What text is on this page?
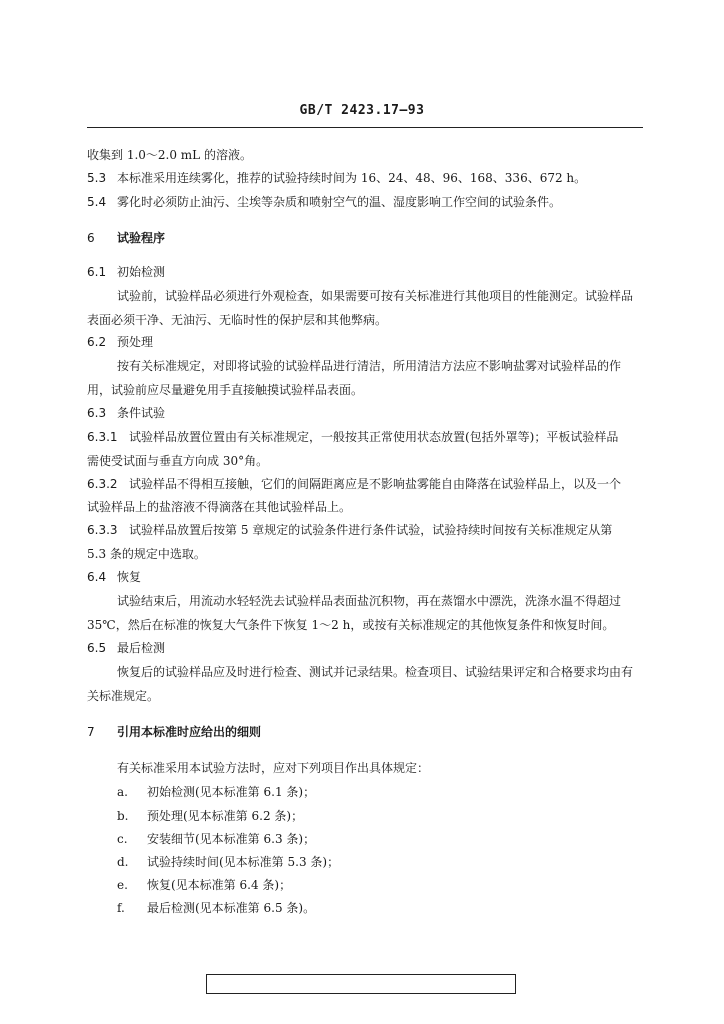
GB/T 2423.17—93
收集到 1.0～2.0 mL 的溶液。
5.3 本标准采用连续雾化，推荐的试验持续时间为 16、24、48、96、168、336、672 h。
5.4 雾化时必须防止油污、尘埃等杂质和喷射空气的温、湿度影响工作空间的试验条件。
6 试验程序
6.1 初始检测
试验前，试验样品必须进行外观检查，如果需要可按有关标准进行其他项目的性能测定。试验样品
表面必须干净、无油污、无临时性的保护层和其他弊病。
6.2 预处理
按有关标准规定，对即将试验的试验样品进行清洁，所用清洁方法应不影响盐雾对试验样品的作
用，试验前应尽量避免用手直接触摸试验样品表面。
6.3 条件试验
6.3.1 试验样品放置位置由有关标准规定，一般按其正常使用状态放置(包括外罩等)；平板试验样品
需使受试面与垂直方向成 30°角。
6.3.2 试验样品不得相互接触，它们的间隔距离应是不影响盐雾能自由降落在试验样品上，以及一个
试验样品上的盐溶液不得滴落在其他试验样品上。
6.3.3 试验样品放置后按第 5 章规定的试验条件进行条件试验，试验持续时间按有关标准规定从第
5.3 条的规定中选取。
6.4 恢复
试验结束后，用流动水轻轻洗去试验样品表面盐沉积物，再在蒸馏水中漂洗，洗涤水温不得超过
35℃，然后在标准的恢复大气条件下恢复 1～2 h，或按有关标准规定的其他恢复条件和恢复时间。
6.5 最后检测
恢复后的试验样品应及时进行检查、测试并记录结果。检查项目、试验结果评定和合格要求均由有
关标准规定。
7 引用本标准时应给出的细则
有关标准采用本试验方法时，应对下列项目作出具体规定：
a. 初始检测(见本标准第 6.1 条)；
b. 预处理(见本标准第 6.2 条)；
c. 安装细节(见本标准第 6.3 条)；
d. 试验持续时间(见本标准第 5.3 条)；
e. 恢复(见本标准第 6.4 条)；
f. 最后检测(见本标准第 6.5 条)。
